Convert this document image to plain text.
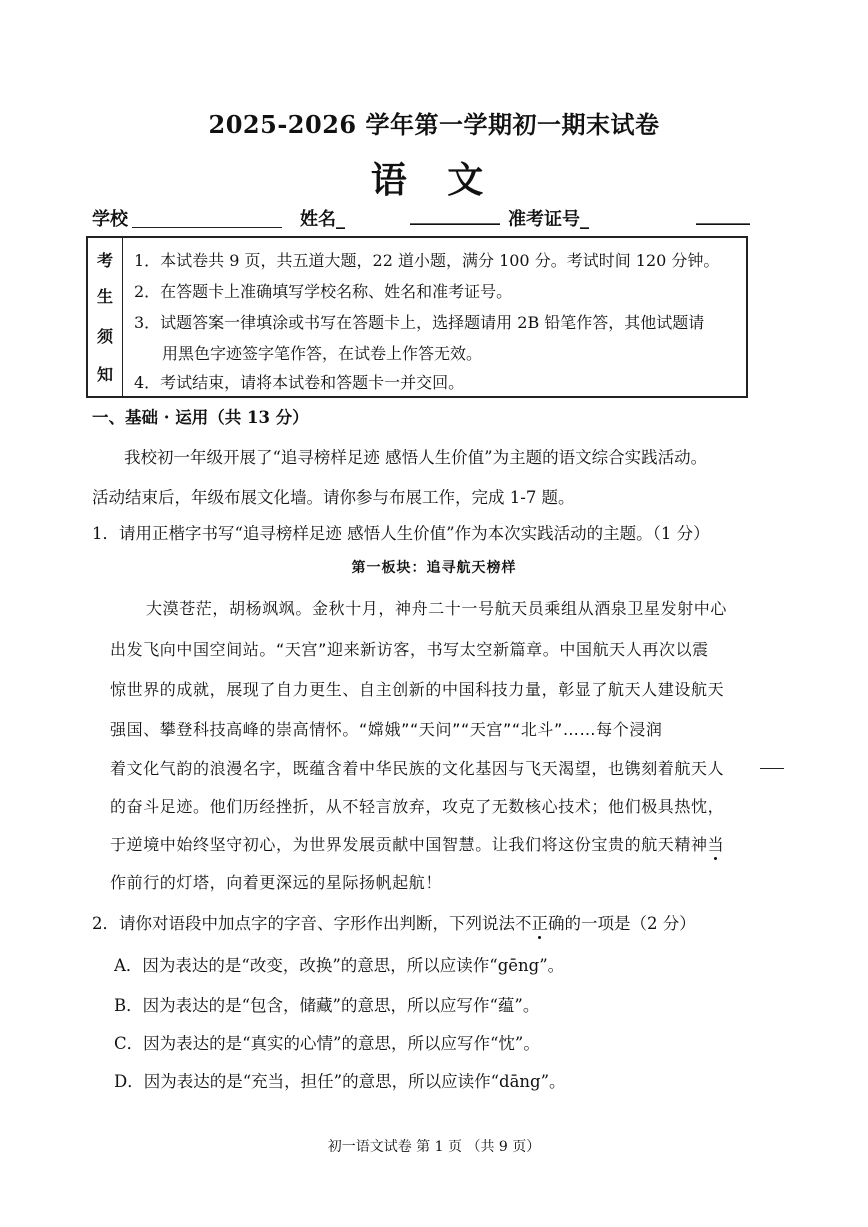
2025-2026 学年第一学期初一期末试卷
语 文
学校	姓名_	__________ 准考证号_	______
考
生
须
知
1．本试卷共 9 页，共五道大题，22 道小题，满分 100 分。考试时间 120 分钟。
2．在答题卡上准确填写学校名称、姓名和准考证号。
3．试题答案一律填涂或书写在答题卡上，选择题请用 2B 铅笔作答，其他试题请
用黑色字迹签字笔作答，在试卷上作答无效。
4．考试结束，请将本试卷和答题卡一并交回。
一、基础 · 运用（共 13 分）
我校初一年级开展了“追寻榜样足迹 感悟人生价值”为主题的语文综合实践活动。
活动结束后，年级布展文化墙。请你参与布展工作，完成 1-7 题。
1．请用正楷字书写“追寻榜样足迹 感悟人生价值”作为本次实践活动的主题。（1 分）
第一板块：追寻航天榜样
大漠苍茫，胡杨飒飒。金秋十月，神舟二十一号航天员乘组从酒泉卫星发射中心
出发飞向中国空间站。“天宫”迎来新访客，书写太空新篇章。中国航天人再次以震
惊世界的成就，展现了自力更生、自主创新的中国科技力量，彰显了航天人建设航天
强国、攀登科技高峰的崇高情怀。“嫦娥”“天问”“天宫”“北斗”……每个浸润
着文化气韵的浪漫名字，既蕴含着中华民族的文化基因与飞天渴望，也镌刻着航天人
的奋斗足迹。他们历经挫折，从不轻言放弃，攻克了无数核心技术；他们极具热忱，
于逆境中始终坚守初心，为世界发展贡献中国智慧。让我们将这份宝贵的航天精神当
作前行的灯塔，向着更深远的星际扬帆起航！
2．请你对语段中加点字的字音、字形作出判断，下列说法不正确的一项是（2 分）
A．因为表达的是“改变，改换”的意思，所以应读作“gēng”。
B．因为表达的是“包含，储藏”的意思，所以应写作“蕴”。
C．因为表达的是“真实的心情”的意思，所以应写作“忱”。
D．因为表达的是“充当，担任”的意思，所以应读作“dāng”。
初一语文试卷 第 1 页 （共 9 页）
